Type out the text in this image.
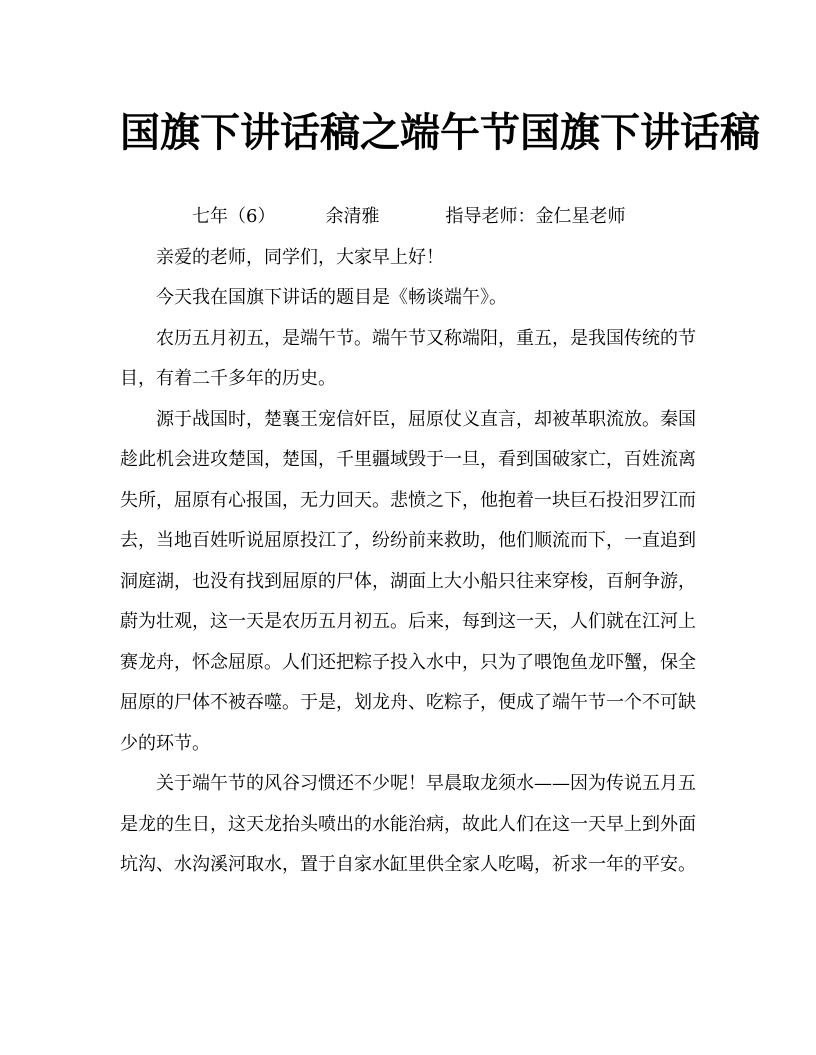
国旗下讲话稿之端午节国旗下讲话稿

七年（6）	余清雅	指导老师：金仁星老师

亲爱的老师，同学们，大家早上好！

今天我在国旗下讲话的题目是《畅谈端午》。

农历五月初五，是端午节。端午节又称端阳，重五，是我国传统的节目，有着二千多年的历史。

源于战国时，楚襄王宠信奸臣，屈原仗义直言，却被革职流放。秦国趁此机会进攻楚国，楚国，千里疆域毁于一旦，看到国破家亡，百姓流离失所，屈原有心报国，无力回天。悲愤之下，他抱着一块巨石投汨罗江而去，当地百姓听说屈原投江了，纷纷前来救助，他们顺流而下，一直追到洞庭湖，也没有找到屈原的尸体，湖面上大小船只往来穿梭，百舸争游，蔚为壮观，这一天是农历五月初五。后来，每到这一天，人们就在江河上赛龙舟，怀念屈原。人们还把粽子投入水中，只为了喂饱鱼龙吓蟹，保全屈原的尸体不被吞噬。于是，划龙舟、吃粽子，便成了端午节一个不可缺少的环节。

关于端午节的风谷习惯还不少呢！早晨取龙须水——因为传说五月五是龙的生日，这天龙抬头喷出的水能治病，故此人们在这一天早上到外面坑沟、水沟溪河取水，置于自家水缸里供全家人吃喝，祈求一年的平安。
